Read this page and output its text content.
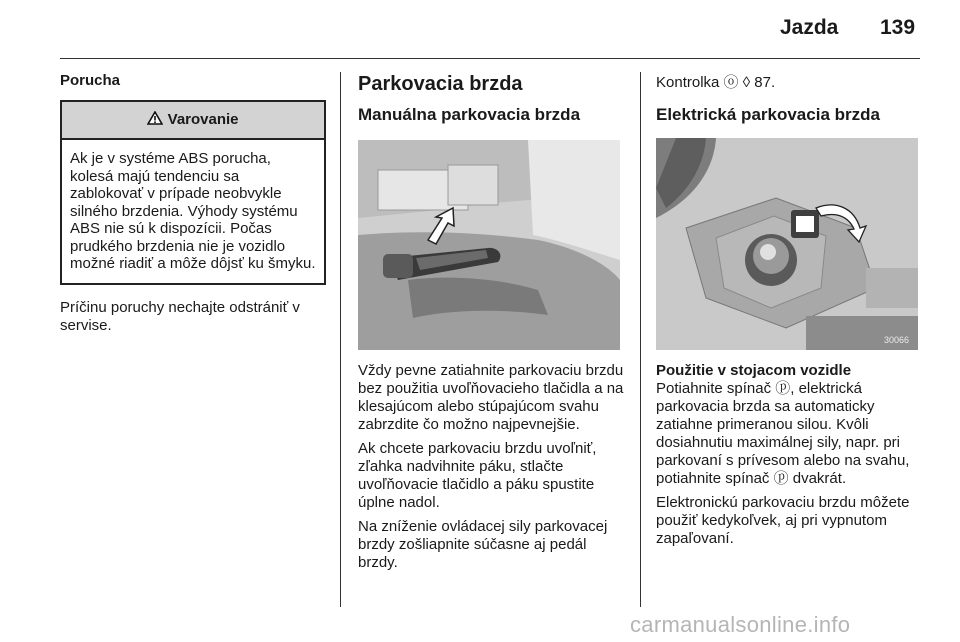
Jazda 139
Porucha
Varovanie
Ak je v systéme ABS porucha, kolesá majú tendenciu sa zablokovať v prípade neobvykle silného brzdenia. Výhody systému ABS nie sú k dispozícii. Počas prudkého brzdenia nie je vozidlo možné riadiť a môže dôjsť ku šmyku.

Príčinu poruchy nechajte odstrániť v servise.

Parkovacia brzda
Manuálna parkovacia brzda

Vždy pevne zatiahnite parkovaciu brzdu bez použitia uvoľňovacieho tlačidla a na klesajúcom alebo stúpajúcom svahu zabrzdite čo možno najpevnejšie.

Ak chcete parkovaciu brzdu uvoľniť, zľahka nadvihnite páku, stlačte uvoľňovacie tlačidlo a páku spustite úplne nadol.

Na zníženie ovládacej sily parkovacej brzdy zošliapnite súčasne aj pedál brzdy.

Kontrolka ⓞ ◊ 87.

Elektrická parkovacia brzda
30066
Použitie v stojacom vozidle

Potiahnite spínač ⓟ, elektrická parkovacia brzda sa automaticky zatiahne primeranou silou. Kvôli dosiahnutiu maximálnej sily, napr. pri parkovaní s prívesom alebo na svahu, potiahnite spínač ⓟ dvakrát.

Elektronickú parkovaciu brzdu môžete použiť kedykoľvek, aj pri vypnutom zapaľovaní.

carmanualsonline.info
